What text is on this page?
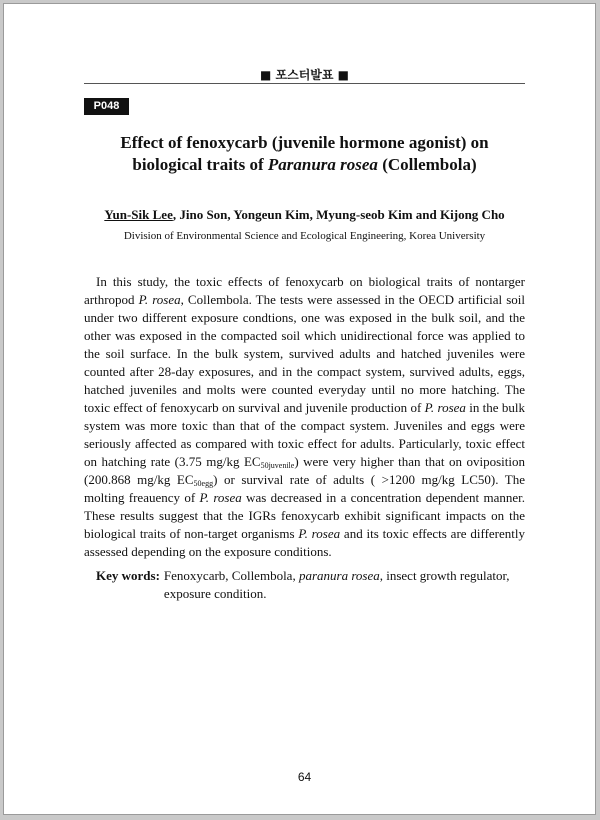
■ 포스터발표 ■
P048
Effect of fenoxycarb (juvenile hormone agonist) on
biological traits of Paranura rosea (Collembola)
Yun-Sik Lee, Jino Son, Yongeun Kim, Myung-seob Kim and Kijong Cho
Division of Environmental Science and Ecological Engineering, Korea University

In this study, the toxic effects of fenoxycarb on biological traits of nontarger arthropod P. rosea, Collembola. The tests were assessed in the OECD artificial soil under two different exposure condtions, one was exposed in the bulk soil, and the other was exposed in the compacted soil which unidirectional force was applied to the soil surface. In the bulk system, survived adults and hatched juveniles were counted after 28-day exposures, and in the compact system, survived adults, eggs, hatched juveniles and molts were counted everyday until no more hatching. The toxic effect of fenoxycarb on survival and juvenile production of P. rosea in the bulk system was more toxic than that of the compact system. Juveniles and eggs were seriously affected as compared with toxic effect for adults. Particularly, toxic effect on hatching rate (3.75 mg/kg $EC_{50juvenile}$) were very higher than that on oviposition (200.868 mg/kg $EC_{50egg}$) or survival rate of adults ( >1200 mg/kg LC50). The molting freauency of P. rosea was decreased in a concentration dependent manner. These results suggest that the IGRs fenoxycarb exhibit significant impacts on the biological traits of non-target organisms P. rosea and its toxic effects are differently assessed depending on the exposure conditions.

Key words: Fenoxycarb, Collembola, paranura rosea, insect growth regulator, exposure condition.
64
